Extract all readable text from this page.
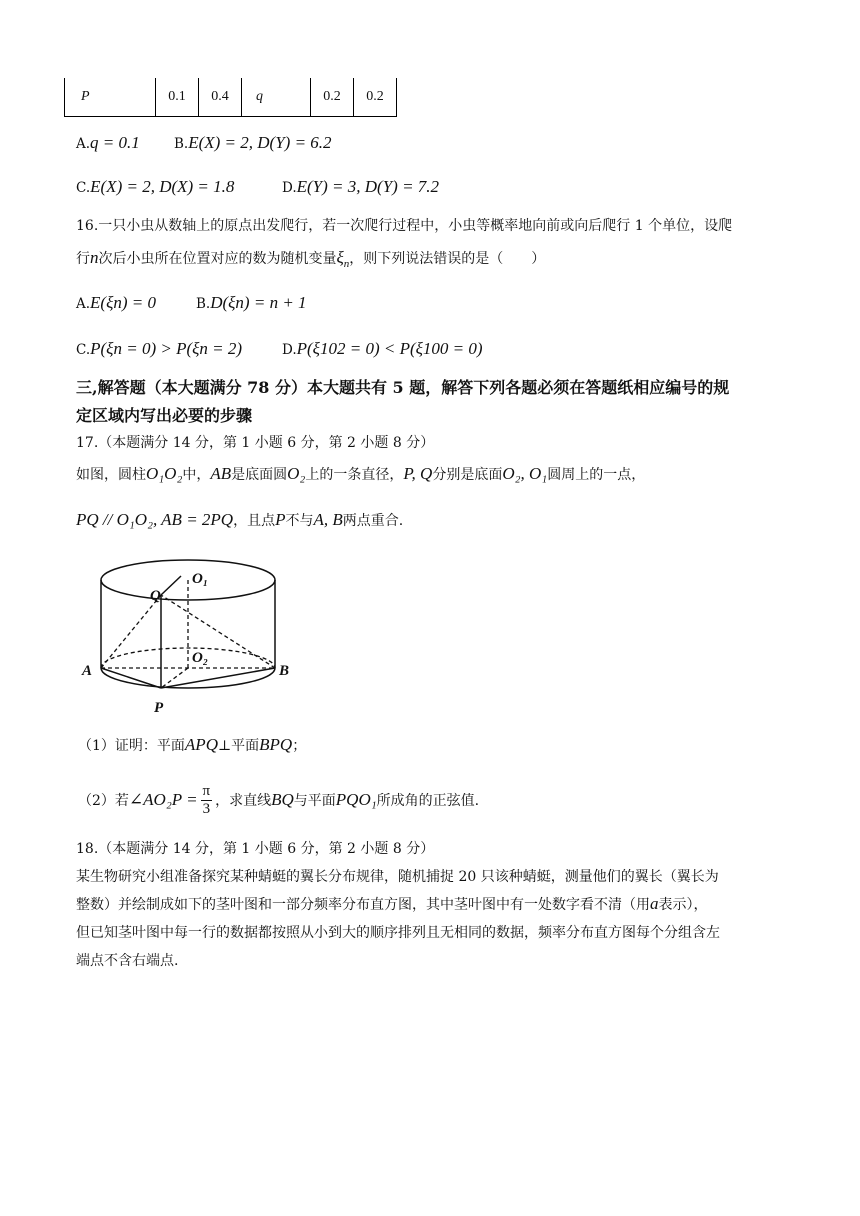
P	0.1	0.4	q	0.2	0.2
A.q = 0.1	B.E(X) = 2, D(Y) = 6.2
C.E(X) = 2, D(X) = 1.8	D.E(Y) = 3, D(Y) = 7.2
16.一只小虫从数轴上的原点出发爬行，若一次爬行过程中，小虫等概率地向前或向后爬行 1 个单位，设爬
行n次后小虫所在位置对应的数为随机变量$\xi_n$，则下列说法错误的是（　　）
A.E(ξn) = 0	B.D(ξn) = n + 1
C.P(ξn = 0) > P(ξn = 2)	D.P(ξ102 = 0) < P(ξ100 = 0)
三,解答题（本大题满分 78 分）本大题共有 5 题，解答下列各题必须在答题纸相应编号的规
定区域内写出必要的步骤
17.（本题满分 14 分，第 1 小题 6 分，第 2 小题 8 分）
如图，圆柱O₁O₂中，AB是底面圆O₂上的一条直径，P, Q分别是底面O₂, O₁圆周上的一点，
PQ // O₁O₂, AB = 2PQ，且点P不与A, B两点重合.
Q
O₁
O₂
A	B
P
（1）证明：平面APQ⊥平面BPQ；
（2）若 ∠AO₂P = $\frac{\pi}{3}$ ，求直线 BQ 与平面 PQO₁ 所成角的正弦值.
18.（本题满分 14 分，第 1 小题 6 分，第 2 小题 8 分）
某生物研究小组准备探究某种蜻蜓的翼长分布规律，随机捕捉 20 只该种蜻蜓，测量他们的翼长（翼长为
整数）并绘制成如下的茎叶图和一部分频率分布直方图，其中茎叶图中有一处数字看不清（用a表示），
但已知茎叶图中每一行的数据都按照从小到大的顺序排列且无相同的数据，频率分布直方图每个分组含左
端点不含右端点.
